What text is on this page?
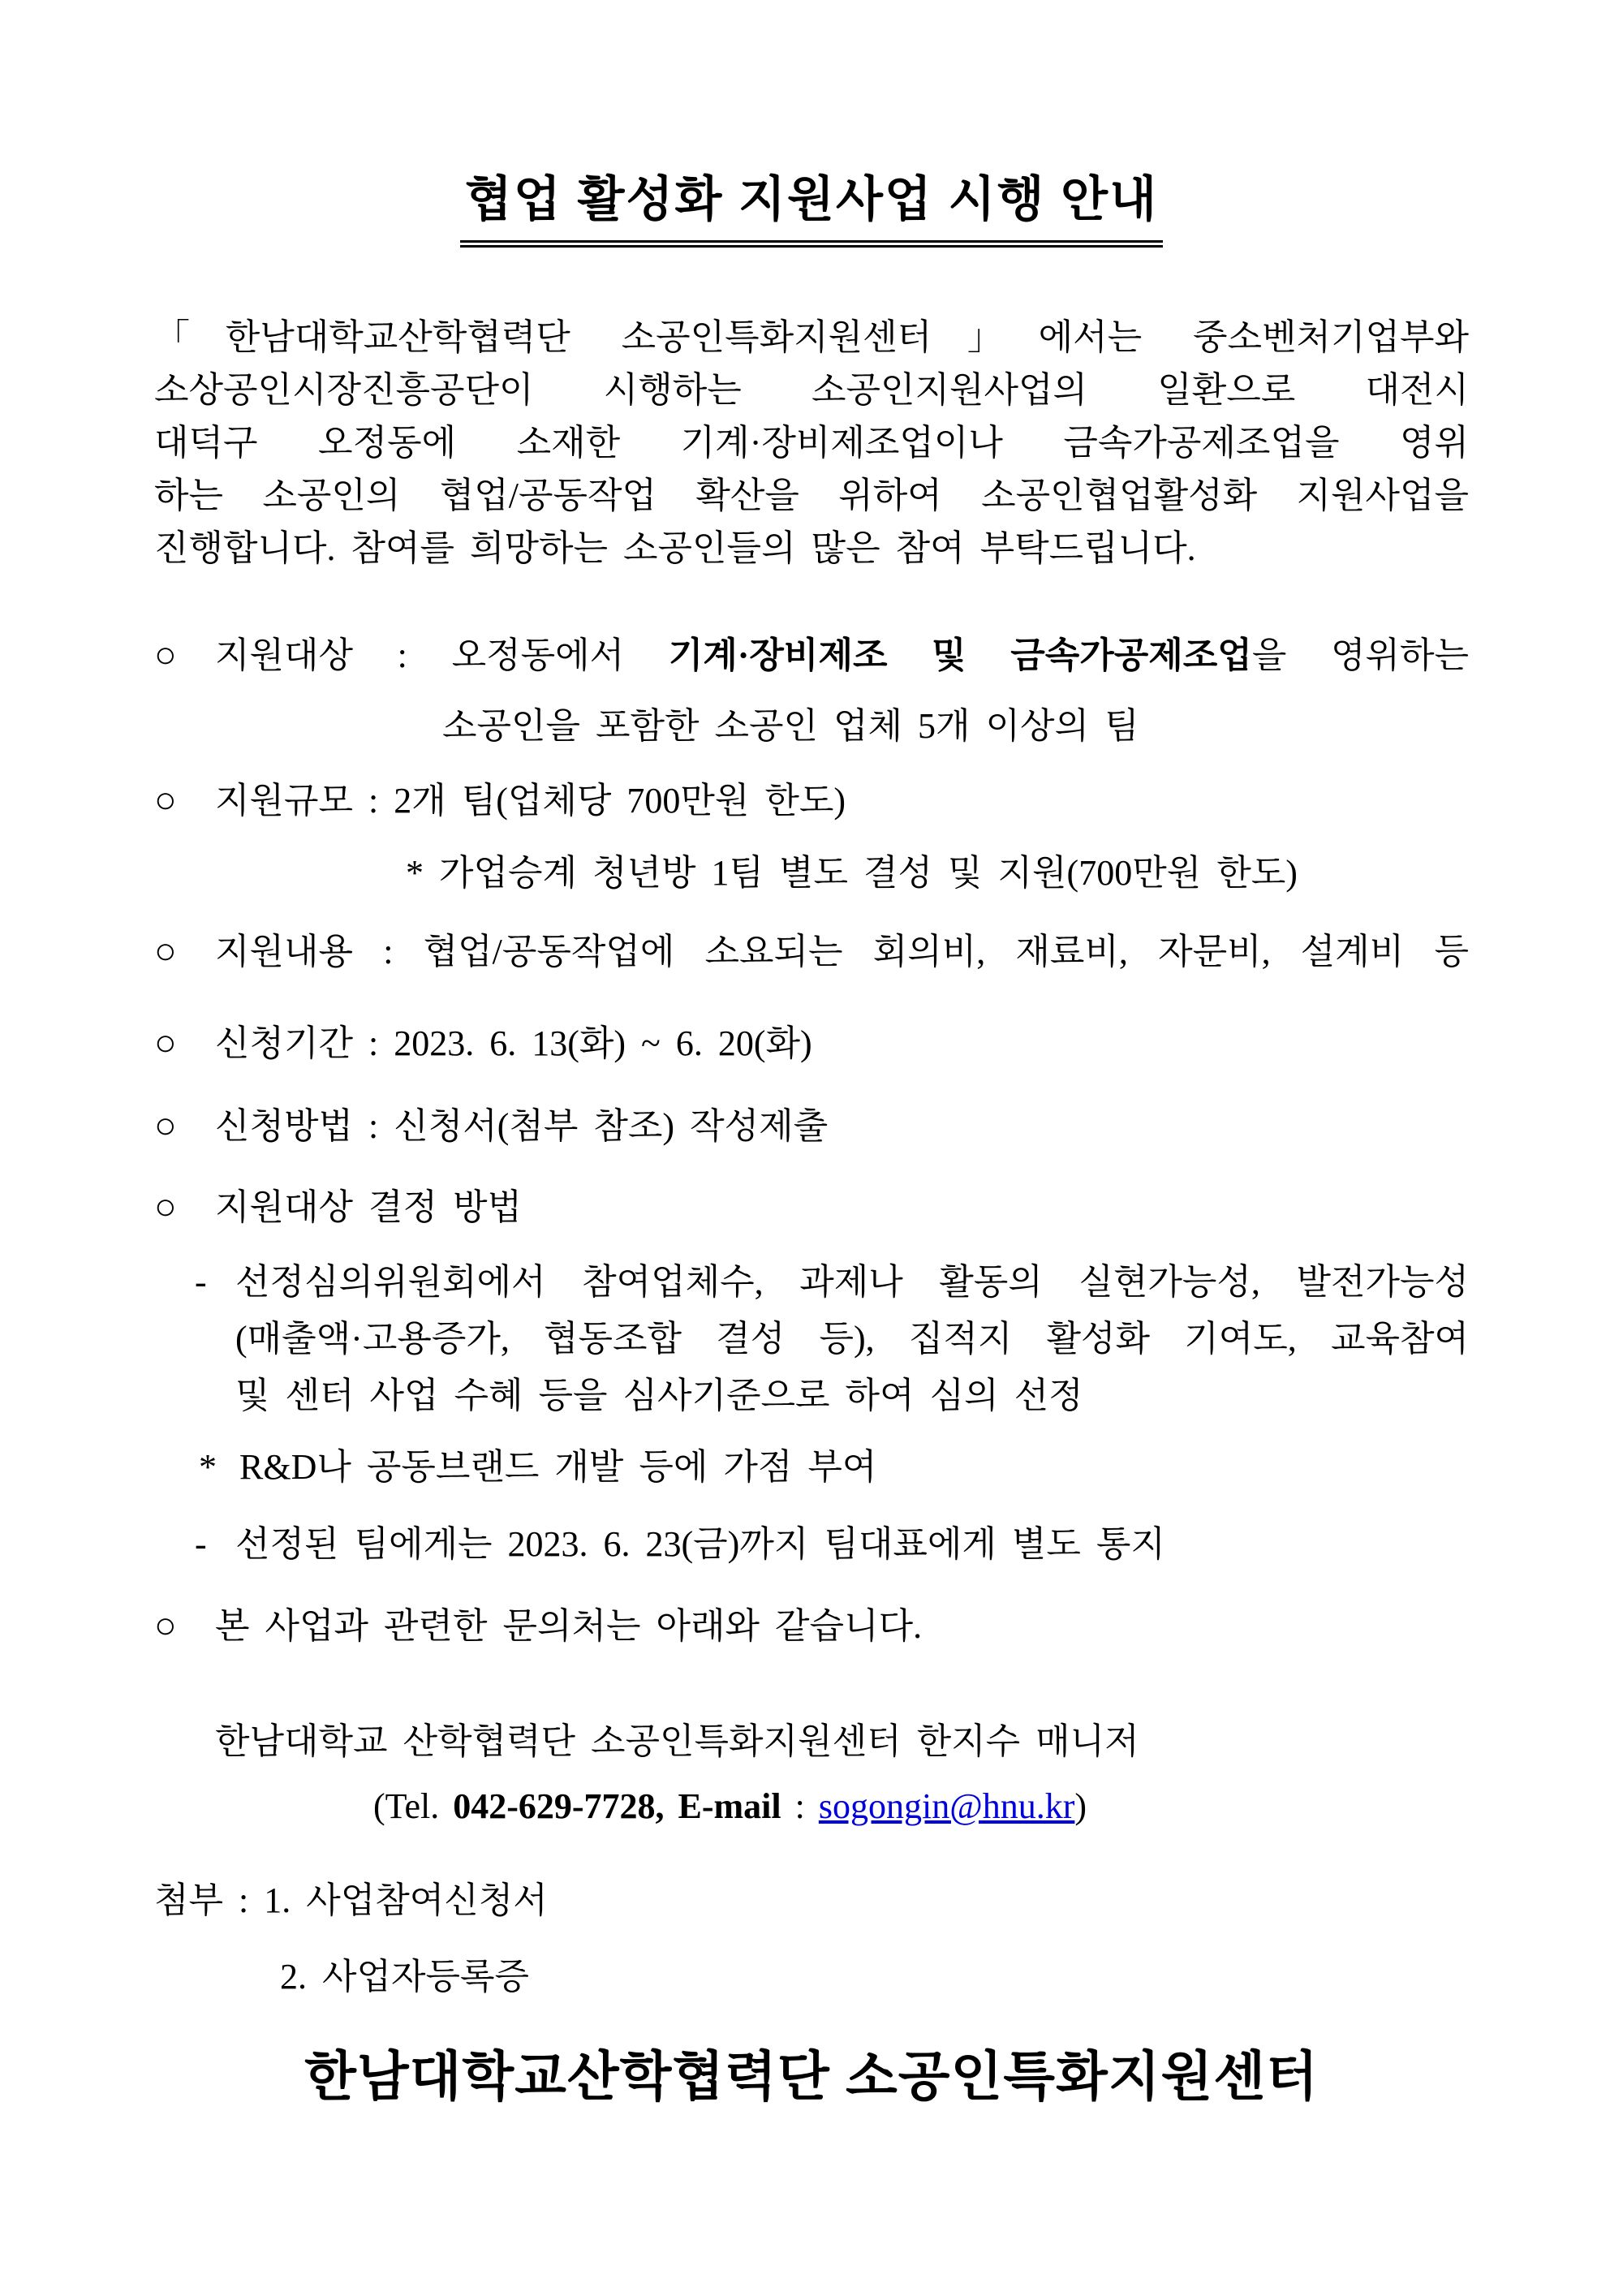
협업 활성화 지원사업 시행 안내
「한남대학교산학협력단 소공인특화지원센터」에서는 중소벤처기업부와
소상공인시장진흥공단이 시행하는 소공인지원사업의 일환으로 대전시
대덕구 오정동에 소재한 기계·장비제조업이나 금속가공제조업을 영위
하는 소공인의 협업/공동작업 확산을 위하여 소공인협업활성화 지원사업을
진행합니다. 참여를 희망하는 소공인들의 많은 참여 부탁드립니다.
○	지원대상 : 오정동에서 기계·장비제조 및 금속가공제조업을 영위하는
소공인을 포함한 소공인 업체 5개 이상의 팀
○	지원규모 : 2개 팀(업체당 700만원 한도)
* 가업승계 청년방 1팀 별도 결성 및 지원(700만원 한도)
○	지원내용 : 협업/공동작업에 소요되는 회의비, 재료비, 자문비, 설계비 등
○	신청기간 : 2023. 6. 13(화) ~ 6. 20(화)
○	신청방법 : 신청서(첨부 참조) 작성제출
○	지원대상 결정 방법
- 선정심의위원회에서 참여업체수, 과제나 활동의 실현가능성, 발전가능성
(매출액·고용증가, 협동조합 결성 등), 집적지 활성화 기여도, 교육참여
및 센터 사업 수혜 등을 심사기준으로 하여 심의 선정
* R&D나 공동브랜드 개발 등에 가점 부여
- 선정된 팀에게는 2023. 6. 23(금)까지 팀대표에게 별도 통지
○	본 사업과 관련한 문의처는 아래와 같습니다.
한남대학교 산학협력단 소공인특화지원센터 한지수 매니저
(Tel. 042-629-7728, E-mail : sogongin@hnu.kr)
첨부 : 1. 사업참여신청서
2. 사업자등록증
한남대학교산학협력단 소공인특화지원센터
